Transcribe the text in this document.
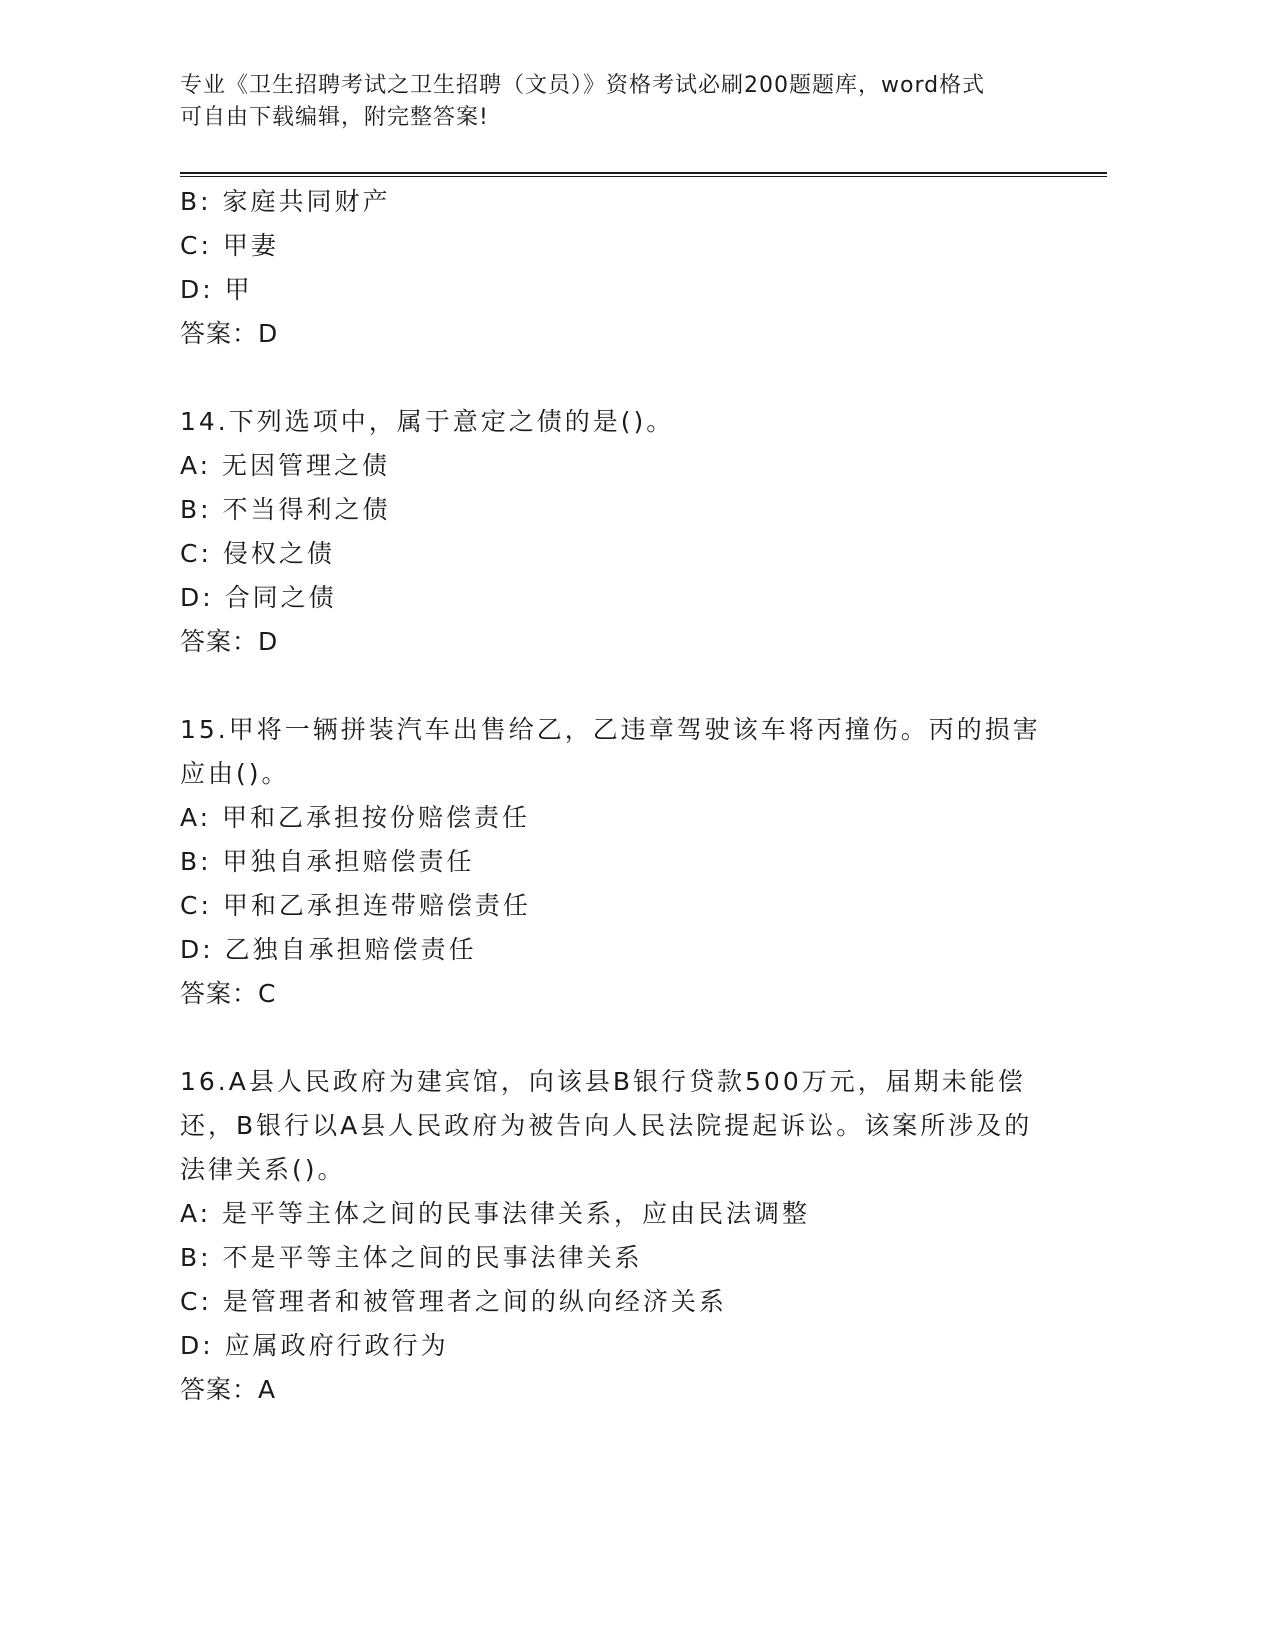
专业《卫生招聘考试之卫生招聘（文员）》资格考试必刷200题题库，word格式
可自由下载编辑，附完整答案!
B: 家庭共同财产
C: 甲妻
D: 甲
答案：D
14.下列选项中，属于意定之债的是()。
A: 无因管理之债
B: 不当得利之债
C: 侵权之债
D: 合同之债
答案：D
15.甲将一辆拼装汽车出售给乙，乙违章驾驶该车将丙撞伤。丙的损害
应由()。
A: 甲和乙承担按份赔偿责任
B: 甲独自承担赔偿责任
C: 甲和乙承担连带赔偿责任
D: 乙独自承担赔偿责任
答案：C
16.A县人民政府为建宾馆，向该县B银行贷款500万元，届期未能偿
还，B银行以A县人民政府为被告向人民法院提起诉讼。该案所涉及的
法律关系()。
A: 是平等主体之间的民事法律关系，应由民法调整
B: 不是平等主体之间的民事法律关系
C: 是管理者和被管理者之间的纵向经济关系
D: 应属政府行政行为
答案：A
